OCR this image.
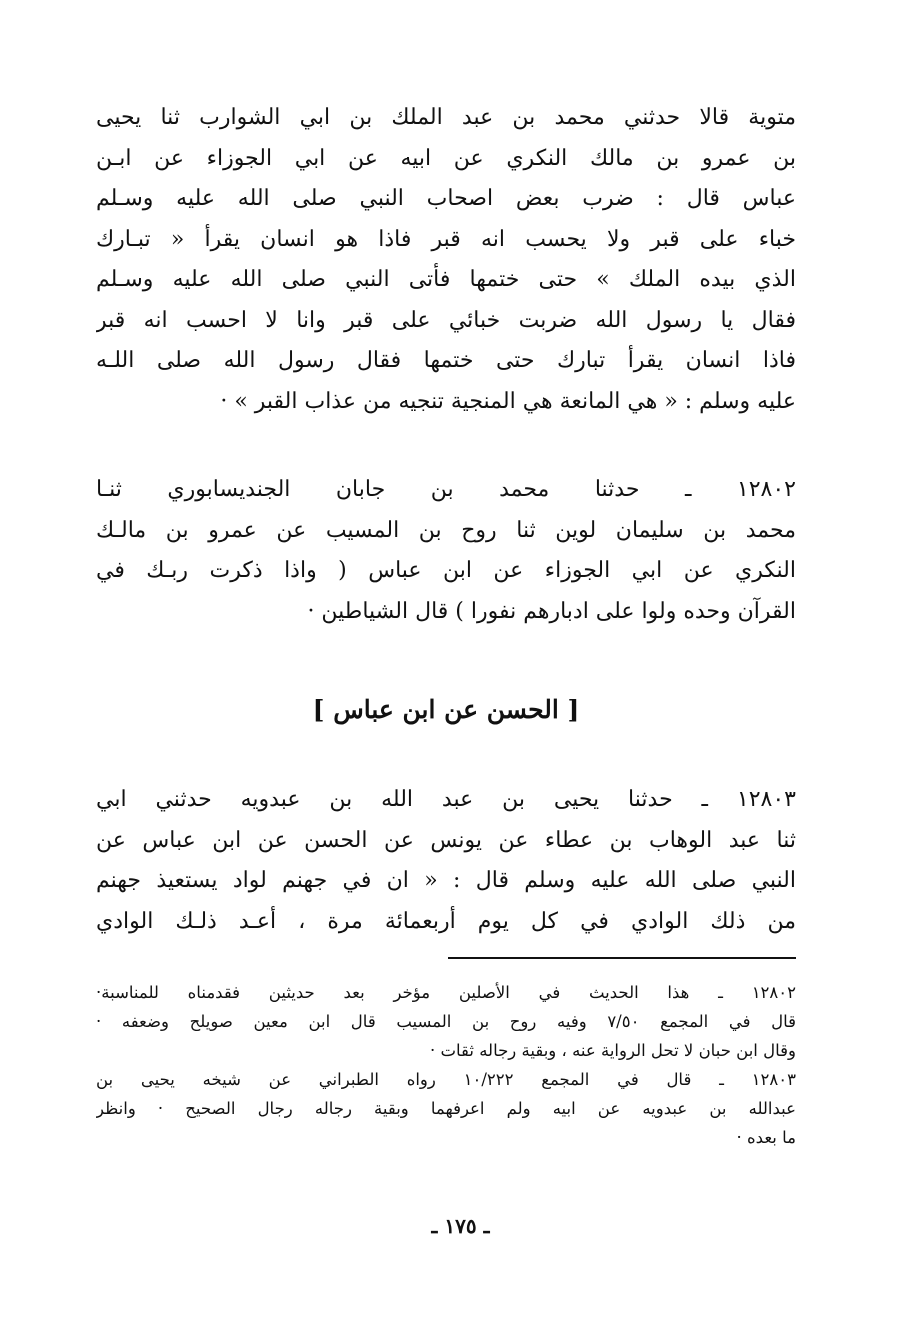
متوية قالا حدثني محمد بن عبد الملك بن ابي الشوارب ثنا يحيى
بن عمرو بن مالك النكري عن ابيه عن ابي الجوزاء عن ابـن
عباس قال : ضرب بعض اصحاب النبي صلى الله عليه وسـلم
خباء على قبر ولا يحسب انه قبر فاذا هو انسان يقرأ « تبـارك
الذي بيده الملك » حتى ختمها فأتى النبي صلى الله عليه وسـلم
فقال يا رسول الله ضربت خبائي على قبر وانا لا احسب انه قبر
فاذا انسان يقرأ تبارك حتى ختمها فقال رسول الله صلى اللـه
عليه وسلم : « هي المانعة هي المنجية تنجيه من عذاب القبر » ·
١٢٨٠٢ ـ حدثنا محمد بن جابان الجنديسابوري ثنـا
محمد بن سليمان لوين ثنا روح بن المسيب عن عمرو بن مالـك
النكري عن ابي الجوزاء عن ابن عباس ( واذا ذكرت ربـك في
القرآن وحده ولوا على ادبارهم نفورا ) قال الشياطين ·
[ الحسن عن ابن عباس ]
١٢٨٠٣ ـ حدثنا يحيى بن عبد الله بن عبدويه حدثني ابي
ثنا عبد الوهاب بن عطاء عن يونس عن الحسن عن ابن عباس عن
النبي صلى الله عليه وسلم قال : « ان في جهنم لواد يستعيذ جهنم
من ذلك الوادي في كل يوم أربعمائة مرة ، أعـد ذلـك الوادي
١٢٨٠٢ ـ هذا الحديث في الأصلين مؤخر بعد حديثين فقدمناه للمناسبة·
قال في المجمع ٧/٥٠ وفيه روح بن المسيب قال ابن معين صويلح وضعفه ·
وقال ابن حبان لا تحل الرواية عنه ، وبقية رجاله ثقات ·
١٢٨٠٣ ـ قال في المجمع ١٠/٢٢٢ رواه الطبراني عن شيخه يحيى بن
عبدالله بن عبدويه عن ابيه ولم اعرفهما وبقية رجاله رجال الصحيح · وانظر
ما بعده ·
ـ ١٧٥ ـ
